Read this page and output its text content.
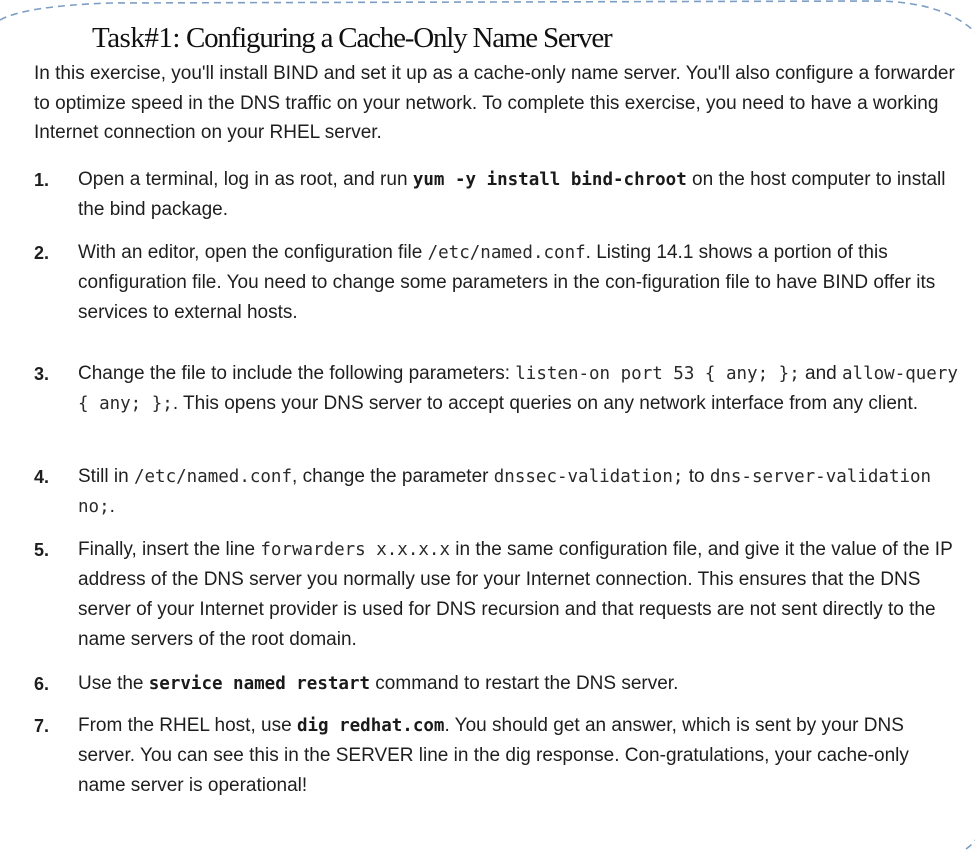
Task#1: Configuring a Cache-Only Name Server
In this exercise, you'll install BIND and set it up as a cache-only name server. You'll also configure a forwarder to optimize speed in the DNS traffic on your network. To complete this exercise, you need to have a working Internet connection on your RHEL server.
1. Open a terminal, log in as root, and run yum -y install bind-chroot on the host computer to install the bind package.
2. With an editor, open the configuration file /etc/named.conf. Listing 14.1 shows a portion of this configuration file. You need to change some parameters in the con-figuration file to have BIND offer its services to external hosts.
3. Change the file to include the following parameters: listen-on port 53 { any; }; and allow-query { any; };. This opens your DNS server to accept queries on any network interface from any client.
4. Still in /etc/named.conf, change the parameter dnssec-validation; to dns-server-validation no;.
5. Finally, insert the line forwarders x.x.x.x in the same configuration file, and give it the value of the IP address of the DNS server you normally use for your Internet connection. This ensures that the DNS server of your Internet provider is used for DNS recursion and that requests are not sent directly to the name servers of the root domain.
6. Use the service named restart command to restart the DNS server.
7. From the RHEL host, use dig redhat.com. You should get an answer, which is sent by your DNS server. You can see this in the SERVER line in the dig response. Con-gratulations, your cache-only name server is operational!
